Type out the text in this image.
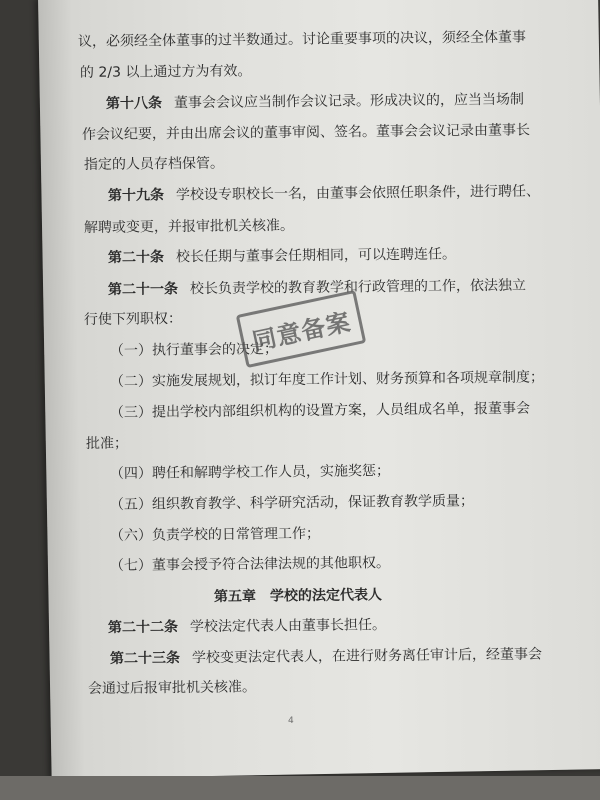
议，必须经全体董事的过半数通过。讨论重要事项的决议，须经全体董事
的 2/3 以上通过方为有效。
第十八条 董事会会议应当制作会议记录。形成决议的，应当当场制
作会议纪要，并由出席会议的董事审阅、签名。董事会会议记录由董事长
指定的人员存档保管。
第十九条 学校设专职校长一名，由董事会依照任职条件，进行聘任、
解聘或变更，并报审批机关核准。
第二十条 校长任期与董事会任期相同，可以连聘连任。
第二十一条 校长负责学校的教育教学和行政管理的工作，依法独立
行使下列职权：
（一）执行董事会的决定；
（二）实施发展规划，拟订年度工作计划、财务预算和各项规章制度；
（三）提出学校内部组织机构的设置方案，人员组成名单，报董事会
批准；
（四）聘任和解聘学校工作人员，实施奖惩；
（五）组织教育教学、科学研究活动，保证教育教学质量；
（六）负责学校的日常管理工作；
（七）董事会授予符合法律法规的其他职权。
第五章　学校的法定代表人
第二十二条 学校法定代表人由董事长担任。
第二十三条 学校变更法定代表人，在进行财务离任审计后，经董事会
会通过后报审批机关核准。
同意备案
4
